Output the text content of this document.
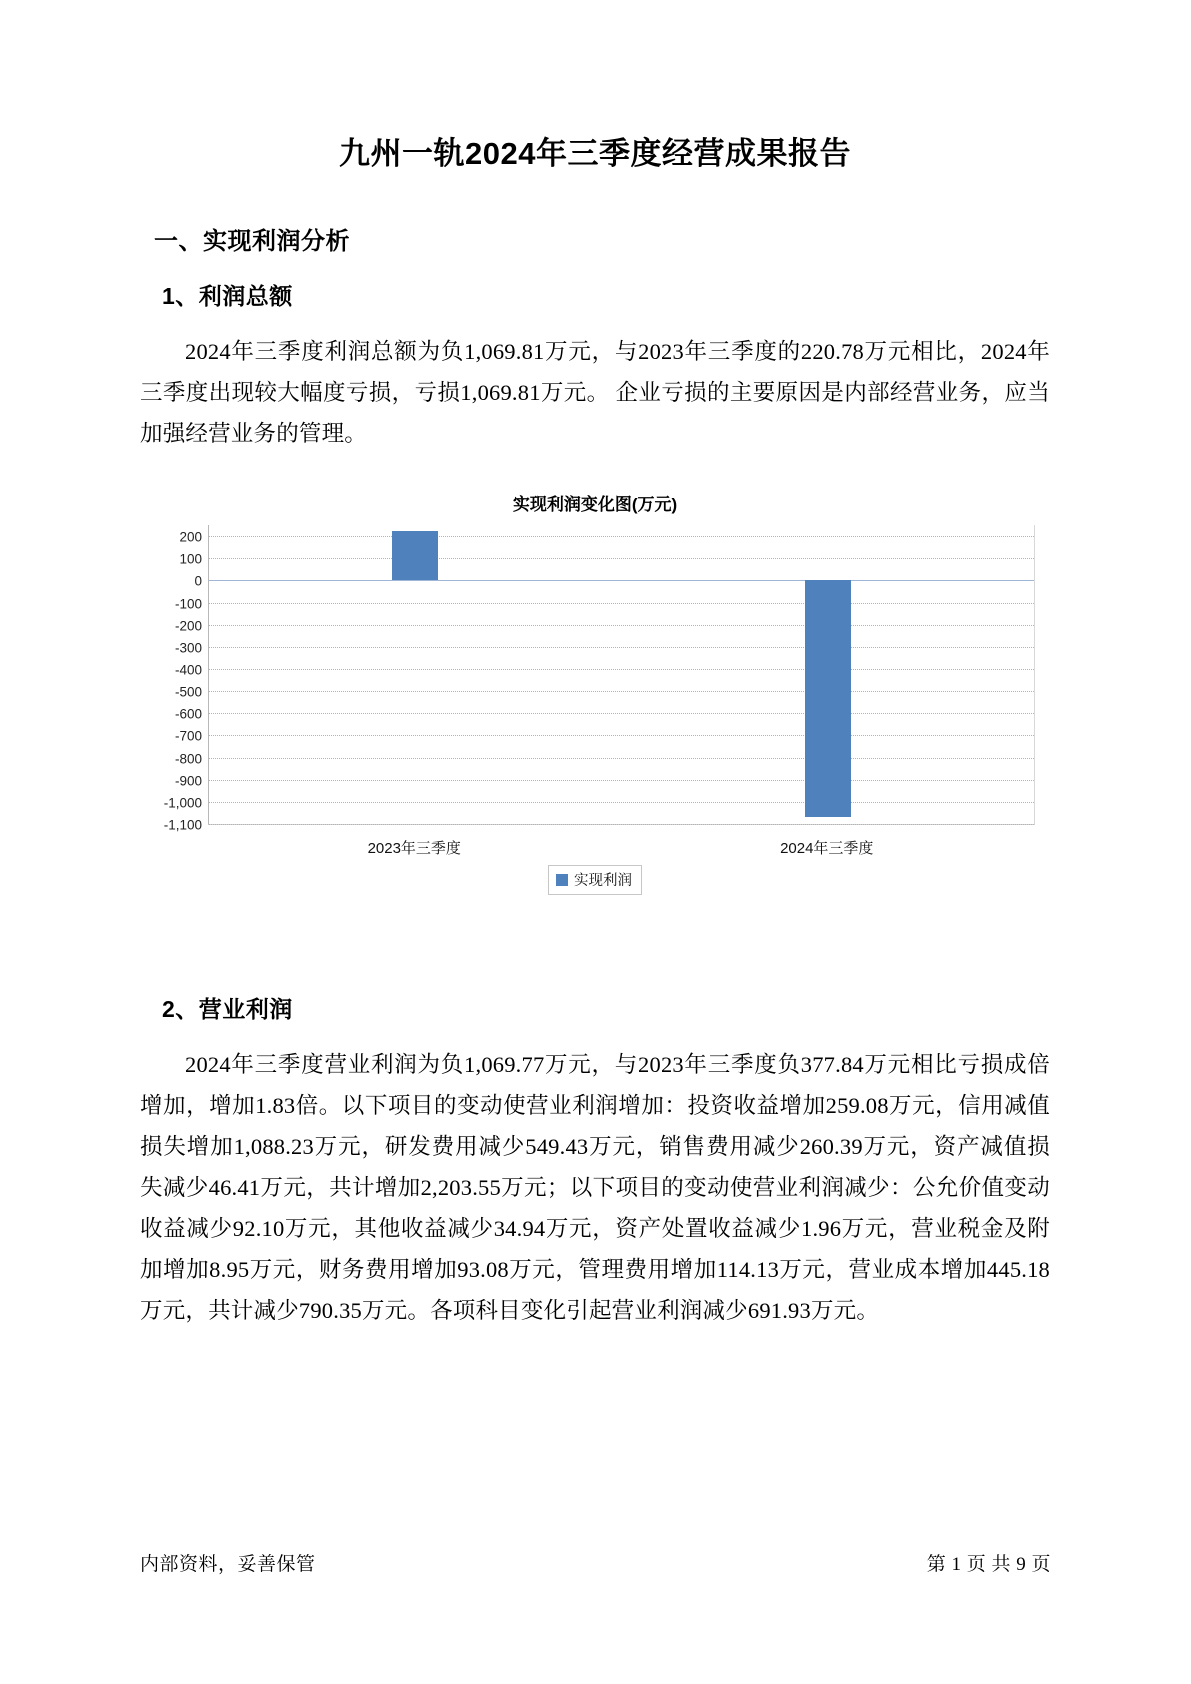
九州一轨2024年三季度经营成果报告
一、实现利润分析
1、利润总额

2024年三季度利润总额为负1,069.81万元，与2023年三季度的220.78万元相比，2024年三季度出现较大幅度亏损，亏损1,069.81万元。 企业亏损的主要原因是内部经营业务，应当加强经营业务的管理。

实现利润变化图(万元)
200
100
0
-100
-200
-300
-400
-500
-600
-700
-800
-900
-1,000
-1,100
2023年三季度	2024年三季度
实现利润
2、营业利润

2024年三季度营业利润为负1,069.77万元，与2023年三季度负377.84万元相比亏损成倍增加，增加1.83倍。以下项目的变动使营业利润增加：投资收益增加259.08万元，信用减值损失增加1,088.23万元，研发费用减少549.43万元，销售费用减少260.39万元，资产减值损失减少46.41万元，共计增加2,203.55万元；以下项目的变动使营业利润减少：公允价值变动收益减少92.10万元，其他收益减少34.94万元，资产处置收益减少1.96万元，营业税金及附加增加8.95万元，财务费用增加93.08万元，管理费用增加114.13万元，营业成本增加445.18万元，共计减少790.35万元。各项科目变化引起营业利润减少691.93万元。

内部资料，妥善保管	第 1 页 共 9 页
